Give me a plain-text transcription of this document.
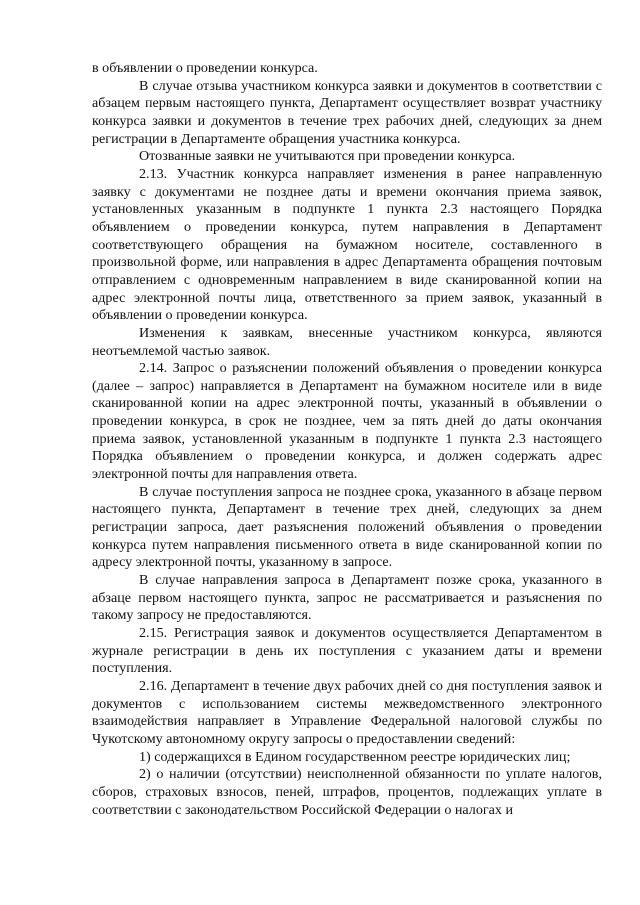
в объявлении о проведении конкурса.

В случае отзыва участником конкурса заявки и документов в соответствии с абзацем первым настоящего пункта, Департамент осуществляет возврат участнику конкурса заявки и документов в течение трех рабочих дней, следующих за днем регистрации в Департаменте обращения участника конкурса.

Отозванные заявки не учитываются при проведении конкурса.

2.13. Участник конкурса направляет изменения в ранее направленную заявку с документами не позднее даты и времени окончания приема заявок, установленных указанным в подпункте 1 пункта 2.3 настоящего Порядка объявлением о проведении конкурса, путем направления в Департамент соответствующего обращения на бумажном носителе, составленного в произвольной форме, или направления в адрес Департамента обращения почтовым отправлением с одновременным направлением в виде сканированной копии на адрес электронной почты лица, ответственного за прием заявок, указанный в объявлении о проведении конкурса.

Изменения к заявкам, внесенные участником конкурса, являются неотъемлемой частью заявок.

2.14. Запрос о разъяснении положений объявления о проведении конкурса (далее – запрос) направляется в Департамент на бумажном носителе или в виде сканированной копии на адрес электронной почты, указанный в объявлении о проведении конкурса, в срок не позднее, чем за пять дней до даты окончания приема заявок, установленной указанным в подпункте 1 пункта 2.3 настоящего Порядка объявлением о проведении конкурса, и должен содержать адрес электронной почты для направления ответа.

В случае поступления запроса не позднее срока, указанного в абзаце первом настоящего пункта, Департамент в течение трех дней, следующих за днем регистрации запроса, дает разъяснения положений объявления о проведении конкурса путем направления письменного ответа в виде сканированной копии по адресу электронной почты, указанному в запросе.

В случае направления запроса в Департамент позже срока, указанного в абзаце первом настоящего пункта, запрос не рассматривается и разъяснения по такому запросу не предоставляются.

2.15. Регистрация заявок и документов осуществляется Департаментом в журнале регистрации в день их поступления с указанием даты и времени поступления.

2.16. Департамент в течение двух рабочих дней со дня поступления заявок и документов с использованием системы межведомственного электронного взаимодействия направляет в Управление Федеральной налоговой службы по Чукотскому автономному округу запросы о предоставлении сведений:

1) содержащихся в Едином государственном реестре юридических лиц;

2) о наличии (отсутствии) неисполненной обязанности по уплате налогов, сборов, страховых взносов, пеней, штрафов, процентов, подлежащих уплате в соответствии с законодательством Российской Федерации о налогах и
